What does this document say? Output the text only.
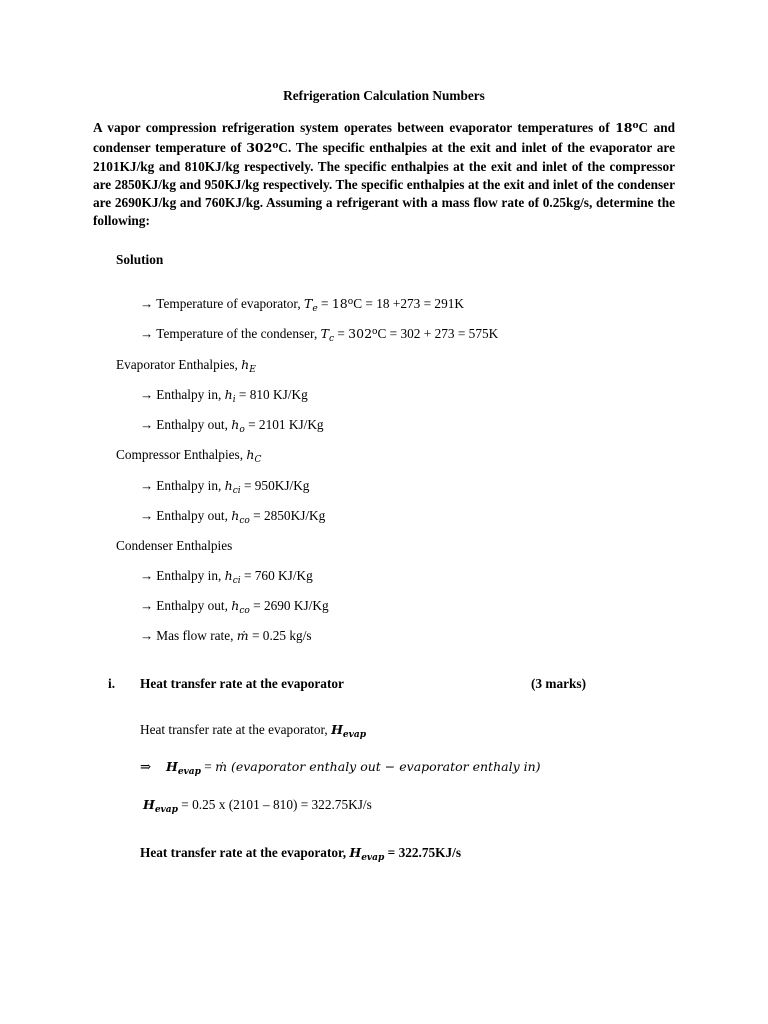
Refrigeration Calculation Numbers
A vapor compression refrigeration system operates between evaporator temperatures of 18$^o$C and condenser temperature of 302$^o$C. The specific enthalpies at the exit and inlet of the evaporator are 2101KJ/kg and 810KJ/kg respectively. The specific enthalpies at the exit and inlet of the compressor are 2850KJ/kg and 950KJ/kg respectively. The specific enthalpies at the exit and inlet of the condenser are 2690KJ/kg and 760KJ/kg. Assuming a refrigerant with a mass flow rate of 0.25kg/s, determine the following:
Solution
→ Temperature of evaporator, $T_e = 18^oC = 18 +273 = 291K$
→ Temperature of the condenser, $T_c = 302^oC = 302 + 273 = 575K$
Evaporator Enthalpies, $h_E$
→ Enthalpy in, $h_i = 810$ KJ/Kg
→ Enthalpy out, $h_o = 2101$ KJ/Kg
Compressor Enthalpies, $h_C$
→ Enthalpy in, $h_{ci} = 950KJ/Kg$
→ Enthalpy out, $h_{co} = 2850KJ/Kg$
Condenser Enthalpies
→ Enthalpy in, $h_{ci} = 760$ KJ/Kg
→ Enthalpy out, $h_{co} = 2690$ KJ/Kg
→ Mas flow rate, ṁ = 0.25 kg/s
i. Heat transfer rate at the evaporator	(3 marks)
Heat transfer rate at the evaporator, $H_{evap}$
⇒ $H_{evap}$ = ṁ (evaporator enthaly out − evaporator enthaly in)
$H_{evap} = 0.25$ x (2101 – 810) = 322.75KJ/s
Heat transfer rate at the evaporator, $H_{evap} = 322.75KJ/s$
